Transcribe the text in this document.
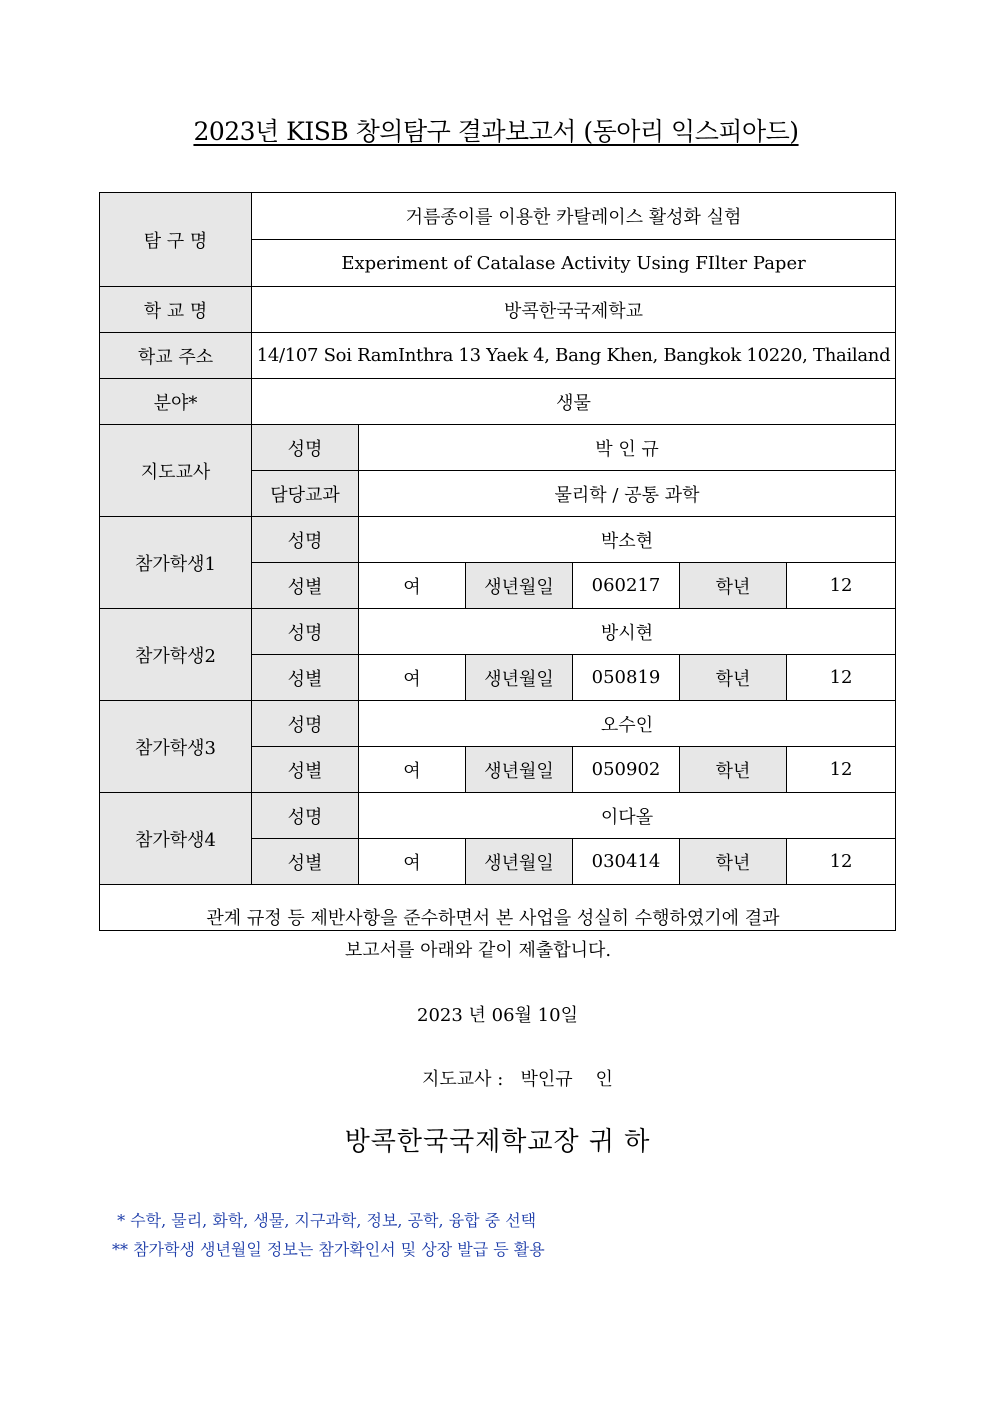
2023년 KISB 창의탐구 결과보고서 (동아리 익스피아드)
탐 구 명	거름종이를 이용한 카탈레이스 활성화 실험					
	Experiment of Catalase Activity Using FIlter Paper					
학 교 명	방콕한국국제학교					
학교 주소	14/107 Soi RamInthra 13 Yaek 4, Bang Khen, Bangkok 10220, Thailand					
분야*	생물					
지도교사	성명	박 인 규				
	담당교과	물리학 / 공통 과학				
참가학생1	성명	박소현				
	성별	여	생년월일	060217	학년	12
참가학생2	성명	방시현				
	성별	여	생년월일	050819	학년	12
참가학생3	성명	오수인				
	성별	여	생년월일	050902	학년	12
참가학생4	성명	이다올				
	성별	여	생년월일	030414	학년	12

관계 규정 등 제반사항을 준수하면서 본 사업을 성실히 수행하였기에 결과
보고서를 아래와 같이 제출합니다.
2023 년 06월 10일
지도교사 :   박인규    인
방콕한국국제학교장 귀 하						
* 수학, 물리, 화학, 생물, 지구과학, 정보, 공학, 융합 중 선택
** 참가학생 생년월일 정보는 참가확인서 및 상장 발급 등 활용
